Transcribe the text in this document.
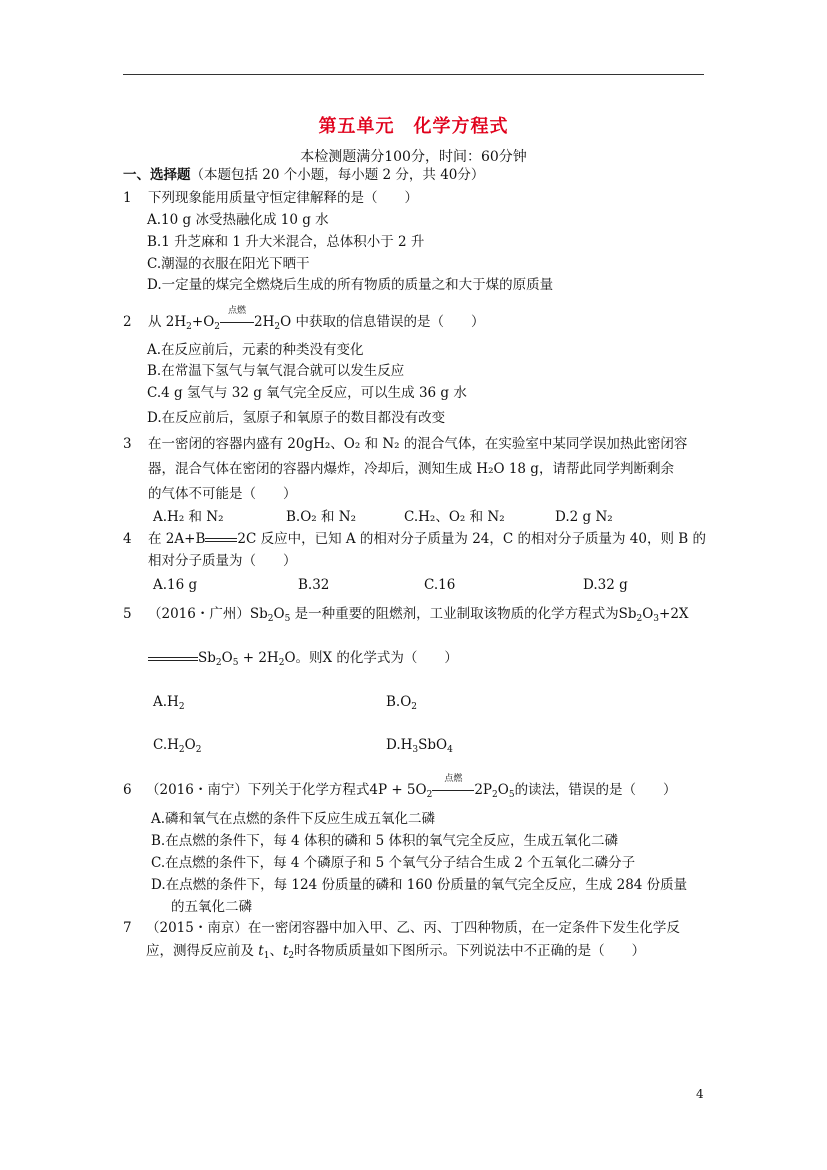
第五单元　化学方程式
本检测题满分100分，时间：60分钟
一、选择题（本题包括 20 个小题，每小题 2 分，共 40分）
1 下列现象能用质量守恒定律解释的是（　　）
A.10 g 冰受热融化成 10 g 水
B.1 升芝麻和 1 升大米混合，总体积小于 2 升
C.潮湿的衣服在阳光下晒干
D.一定量的煤完全燃烧后生成的所有物质的质量之和大于煤的原质量
2 从 $2H_2+O_2$
点燃
$2H_2O$ 中获取的信息错误的是（　　）
A.在反应前后，元素的种类没有变化
B.在常温下氢气与氧气混合就可以发生反应
C.4 g 氢气与 32 g 氧气完全反应，可以生成 36 g 水
D.在反应前后，氢原子和氧原子的数目都没有改变
3 在一密闭的容器内盛有 20gH₂、O₂ 和 N₂ 的混合气体，在实验室中某同学误加热此密闭容
器，混合气体在密闭的容器内爆炸，冷却后，测知生成 H₂O 18 g，请帮此同学判断剩余
的气体不可能是（　　）
A.H₂ 和 N₂	B.O₂ 和 N₂	C.H₂、O₂ 和 N₂	D.2 g N₂
4 在 2A+B 2C 反应中，已知 A 的相对分子质量为 24，C 的相对分子质量为 40，则 B 的
相对分子质量为（　　）
A.16 g	B.32	C.16	D.32 g
5 （2016・广州）$Sb_2O_5$ 是一种重要的阻燃剂，工业制取该物质的化学方程式为$Sb_2O_3+2X$
$Sb_2O_5 + 2H_2O$。则X 的化学式为（　　）
$A.H_2$	$B.O_2$
$C.H_2O_2$	$D.H_3SbO_4$
6 （2016・南宁）下列关于化学方程式$4P + 5O_2$
点燃
$2P_2O_5$的读法，错误的是（　　）
A.磷和氧气在点燃的条件下反应生成五氧化二磷
B.在点燃的条件下，每 4 体积的磷和 5 体积的氧气完全反应，生成五氧化二磷
C.在点燃的条件下，每 4 个磷原子和 5 个氧气分子结合生成 2 个五氧化二磷分子
D.在点燃的条件下，每 124 份质量的磷和 160 份质量的氧气完全反应，生成 284 份质量
的五氧化二磷
7 （2015・南京）在一密闭容器中加入甲、乙、丙、丁四种物质，在一定条件下发生化学反
应，测得反应前及 $t_1$、$t_2$时各物质质量如下图所示。下列说法中不正确的是（　　）
4
